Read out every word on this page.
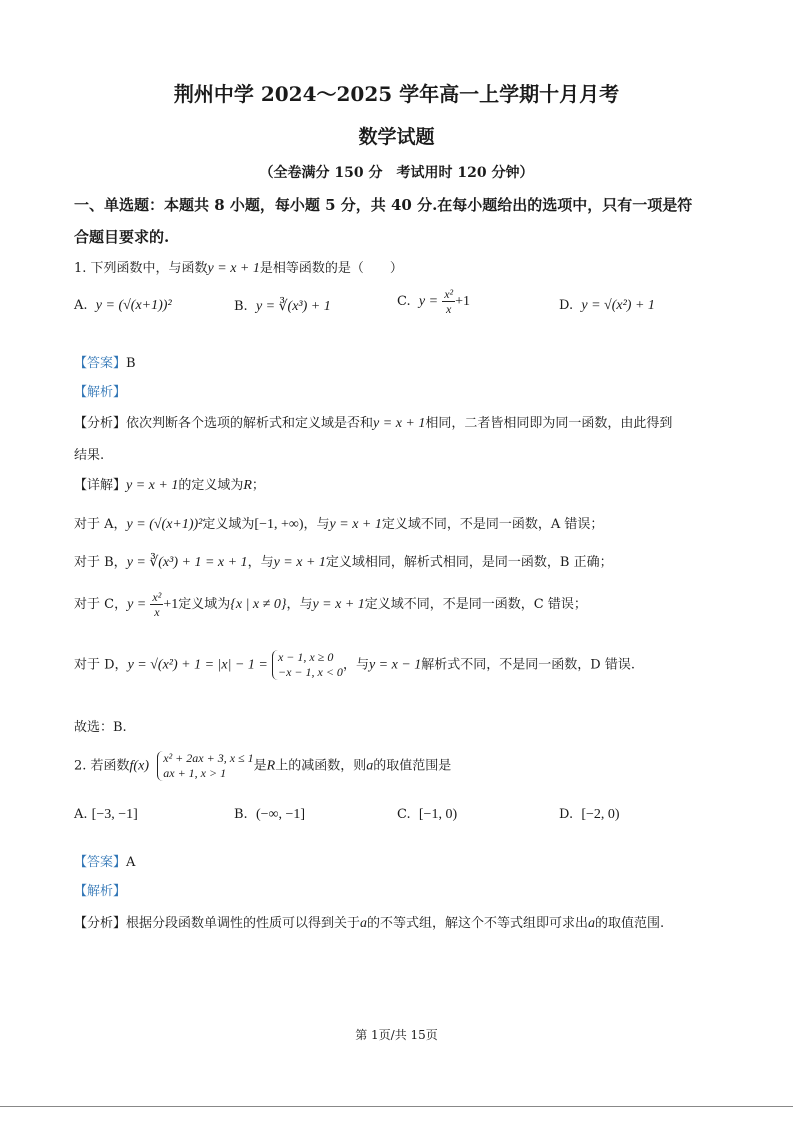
荆州中学 2024～2025 学年高一上学期十月月考
数学试题
（全卷满分 150 分　考试用时 120 分钟）
一、单选题：本题共 8 小题，每小题 5 分，共 40 分.在每小题给出的选项中，只有一项是符
合题目要求的.
1. 下列函数中，与函数y = x + 1是相等函数的是（　　）
A. y = (√(x+1))²	B. y = ∛(x³) + 1	C. $y = \frac{\text{x²}}{x} +1$	D. y = √(x²) + 1
【答案】B
【解析】
【分析】依次判断各个选项的解析式和定义域是否和y = x + 1相同，二者皆相同即为同一函数，由此得到
结果.
【详解】y = x + 1的定义域为R；
对于 A，y = (√(x+1))²定义域为[−1, +∞)，与y = x + 1定义域不同，不是同一函数，A 错误；
对于 B，y = ∛(x³) + 1 = x + 1，与y = x + 1定义域相同，解析式相同，是同一函数，B 正确；
对于 C，$y = \frac{\text{x²}}{x} +1$定义域为{x | x ≠ 0}，与y = x + 1定义域不同，不是同一函数，C 错误；
对于 D，y = √(x²) + 1 = |x| − 1 =
x − 1, x ≥ 0
−x − 1, x < 0 ，与y = x − 1解析式不同，不是同一函数，D 错误.
故选：B.
2. 若函数f(x)
x² + 2ax + 3, x ≤ 1
ax + 1, x > 1	是R上的减函数，则a的取值范围是
A. [−3, −1]	B. (−∞, −1]	C. [−1, 0)	D. [−2, 0)
【答案】A
【解析】
【分析】根据分段函数单调性的性质可以得到关于a的不等式组，解这个不等式组即可求出a的取值范围.
第 1页/共 15页
